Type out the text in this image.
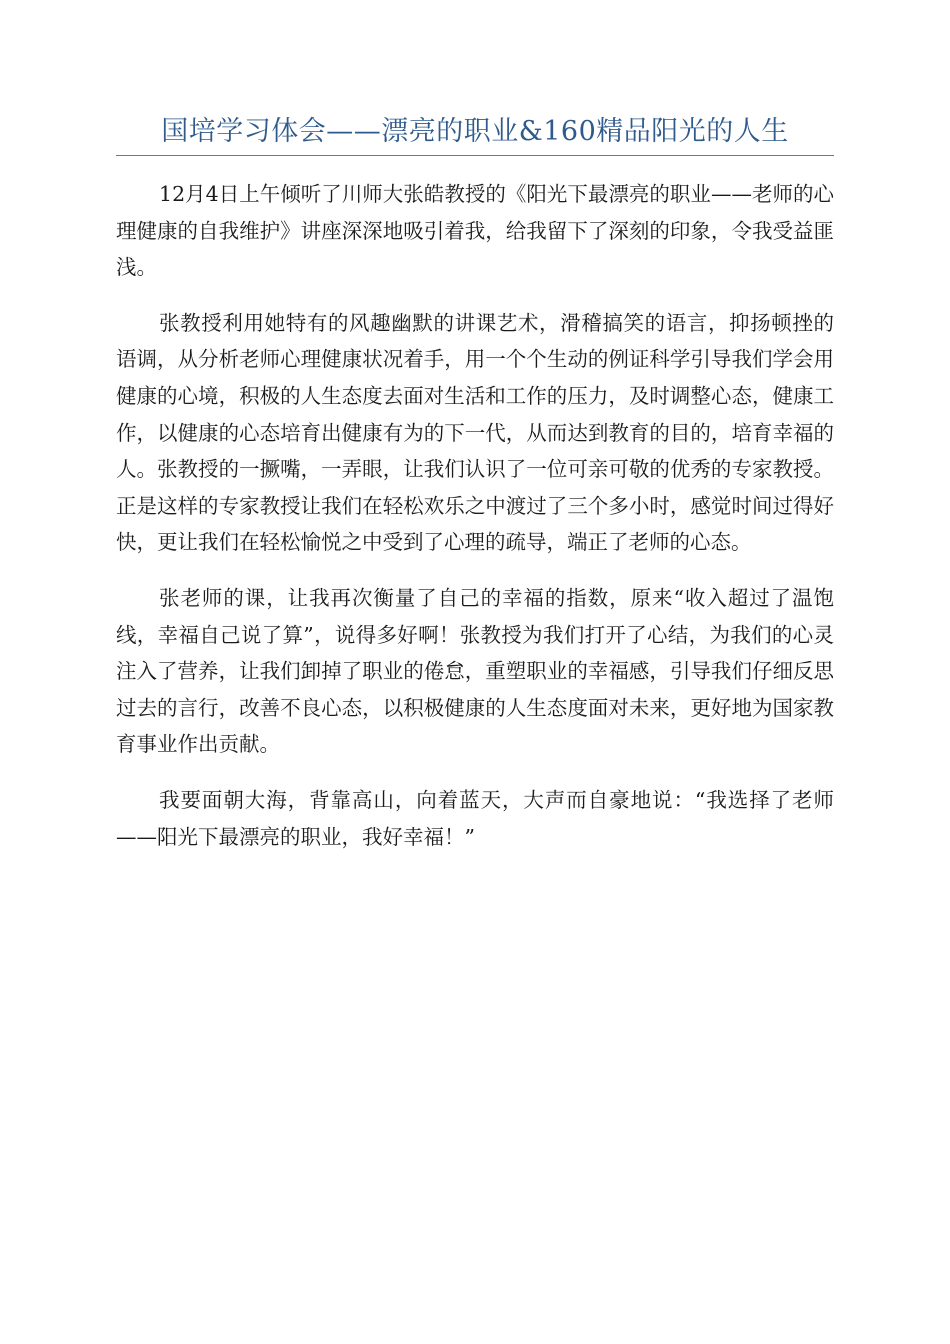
国培学习体会——漂亮的职业&160精品阳光的人生

12月4日上午倾听了川师大张皓教授的《阳光下最漂亮的职业——老师的心理健康的自我维护》讲座深深地吸引着我，给我留下了深刻的印象，令我受益匪浅。

张教授利用她特有的风趣幽默的讲课艺术，滑稽搞笑的语言，抑扬顿挫的语调，从分析老师心理健康状况着手，用一个个生动的例证科学引导我们学会用健康的心境，积极的人生态度去面对生活和工作的压力，及时调整心态，健康工作，以健康的心态培育出健康有为的下一代，从而达到教育的目的，培育幸福的人。张教授的一撅嘴，一弄眼，让我们认识了一位可亲可敬的优秀的专家教授。正是这样的专家教授让我们在轻松欢乐之中渡过了三个多小时，感觉时间过得好快，更让我们在轻松愉悦之中受到了心理的疏导，端正了老师的心态。

张老师的课，让我再次衡量了自己的幸福的指数，原来“收入超过了温饱线，幸福自己说了算”，说得多好啊！张教授为我们打开了心结，为我们的心灵注入了营养，让我们卸掉了职业的倦怠，重塑职业的幸福感，引导我们仔细反思过去的言行，改善不良心态，以积极健康的人生态度面对未来，更好地为国家教育事业作出贡献。

我要面朝大海，背靠高山，向着蓝天，大声而自豪地说：“我选择了老师——阳光下最漂亮的职业，我好幸福！”
